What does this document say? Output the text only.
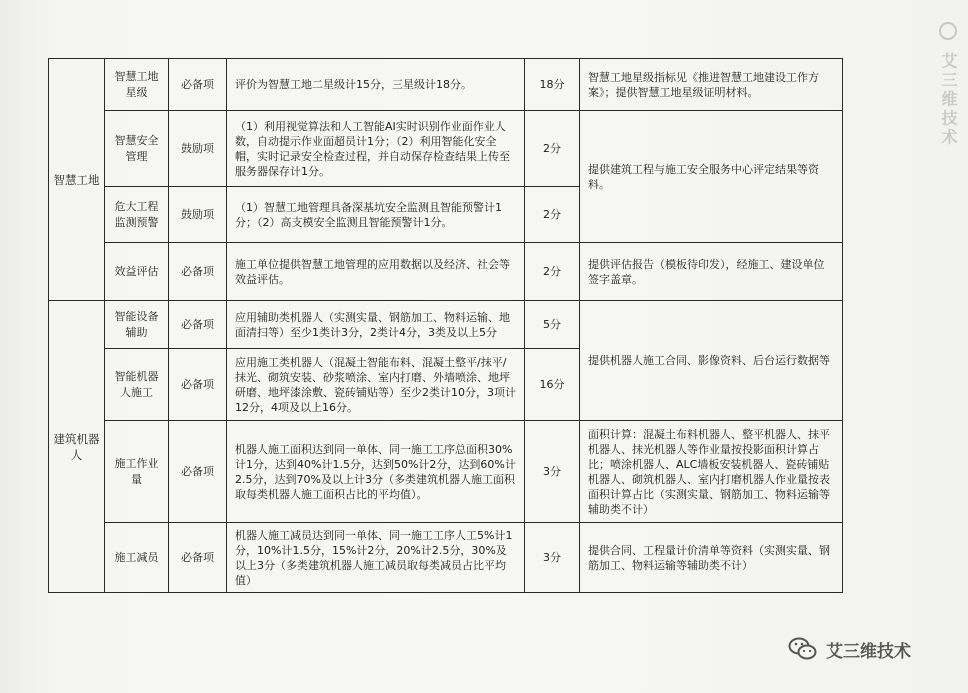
智慧工地	智慧工地星级	必备项	评价为智慧工地二星级计15分，三星级计18分。	18分	智慧工地星级指标见《推进智慧工地建设工作方案》；提供智慧工地星级证明材料。
	智慧安全管理	鼓励项	（1）利用视觉算法和人工智能AI实时识别作业面作业人数，自动提示作业面超员计1分；（2）利用智能化安全帽，实时记录安全检查过程，并自动保存检查结果上传至服务器保存计1分。	2分	提供建筑工程与施工安全服务中心评定结果等资料。
	危大工程监测预警	鼓励项	（1）智慧工地管理具备深基坑安全监测且智能预警计1分；（2）高支模安全监测且智能预警计1分。	2分	
	效益评估	必备项	施工单位提供智慧工地管理的应用数据以及经济、社会等效益评估。	2分	提供评估报告（模板待印发），经施工、建设单位签字盖章。
建筑机器人	智能设备辅助	必备项	应用辅助类机器人（实测实量、钢筋加工、物料运输、地面清扫等）至少1类计3分，2类计4分，3类及以上5分	5分	提供机器人施工合同、影像资料、后台运行数据等
	智能机器人施工	必备项	应用施工类机器人（混凝土智能布料、混凝土整平/抹平/抹光、砌筑安装、砂浆喷涂、室内打磨、外墙喷涂、地坪研磨、地坪漆涂敷、瓷砖铺贴等）至少2类计10分，3项计12分，4项及以上16分。	16分	
	施工作业量	必备项	机器人施工面积达到同一单体、同一施工工序总面积30%计1分，达到40%计1.5分，达到50%计2分，达到60%计2.5分，达到70%及以上计3分（多类建筑机器人施工面积取每类机器人施工面积占比的平均值）。	3分	面积计算：混凝土布料机器人、整平机器人、抹平机器人、抹光机器人等作业量按投影面积计算占比；喷涂机器人、ALC墙板安装机器人、瓷砖铺贴机器人、砌筑机器人、室内打磨机器人作业量按表面积计算占比（实测实量、钢筋加工、物料运输等辅助类不计）
	施工减员	必备项	机器人施工减员达到同一单体、同一施工工序人工5%计1分，10%计1.5分，15%计2分，20%计2.5分，30%及以上3分（多类建筑机器人施工减员取每类减员占比平均值）	3分	提供合同、工程量计价清单等资料（实测实量、钢筋加工、物料运输等辅助类不计）
艾三维技术
艾三维技术
